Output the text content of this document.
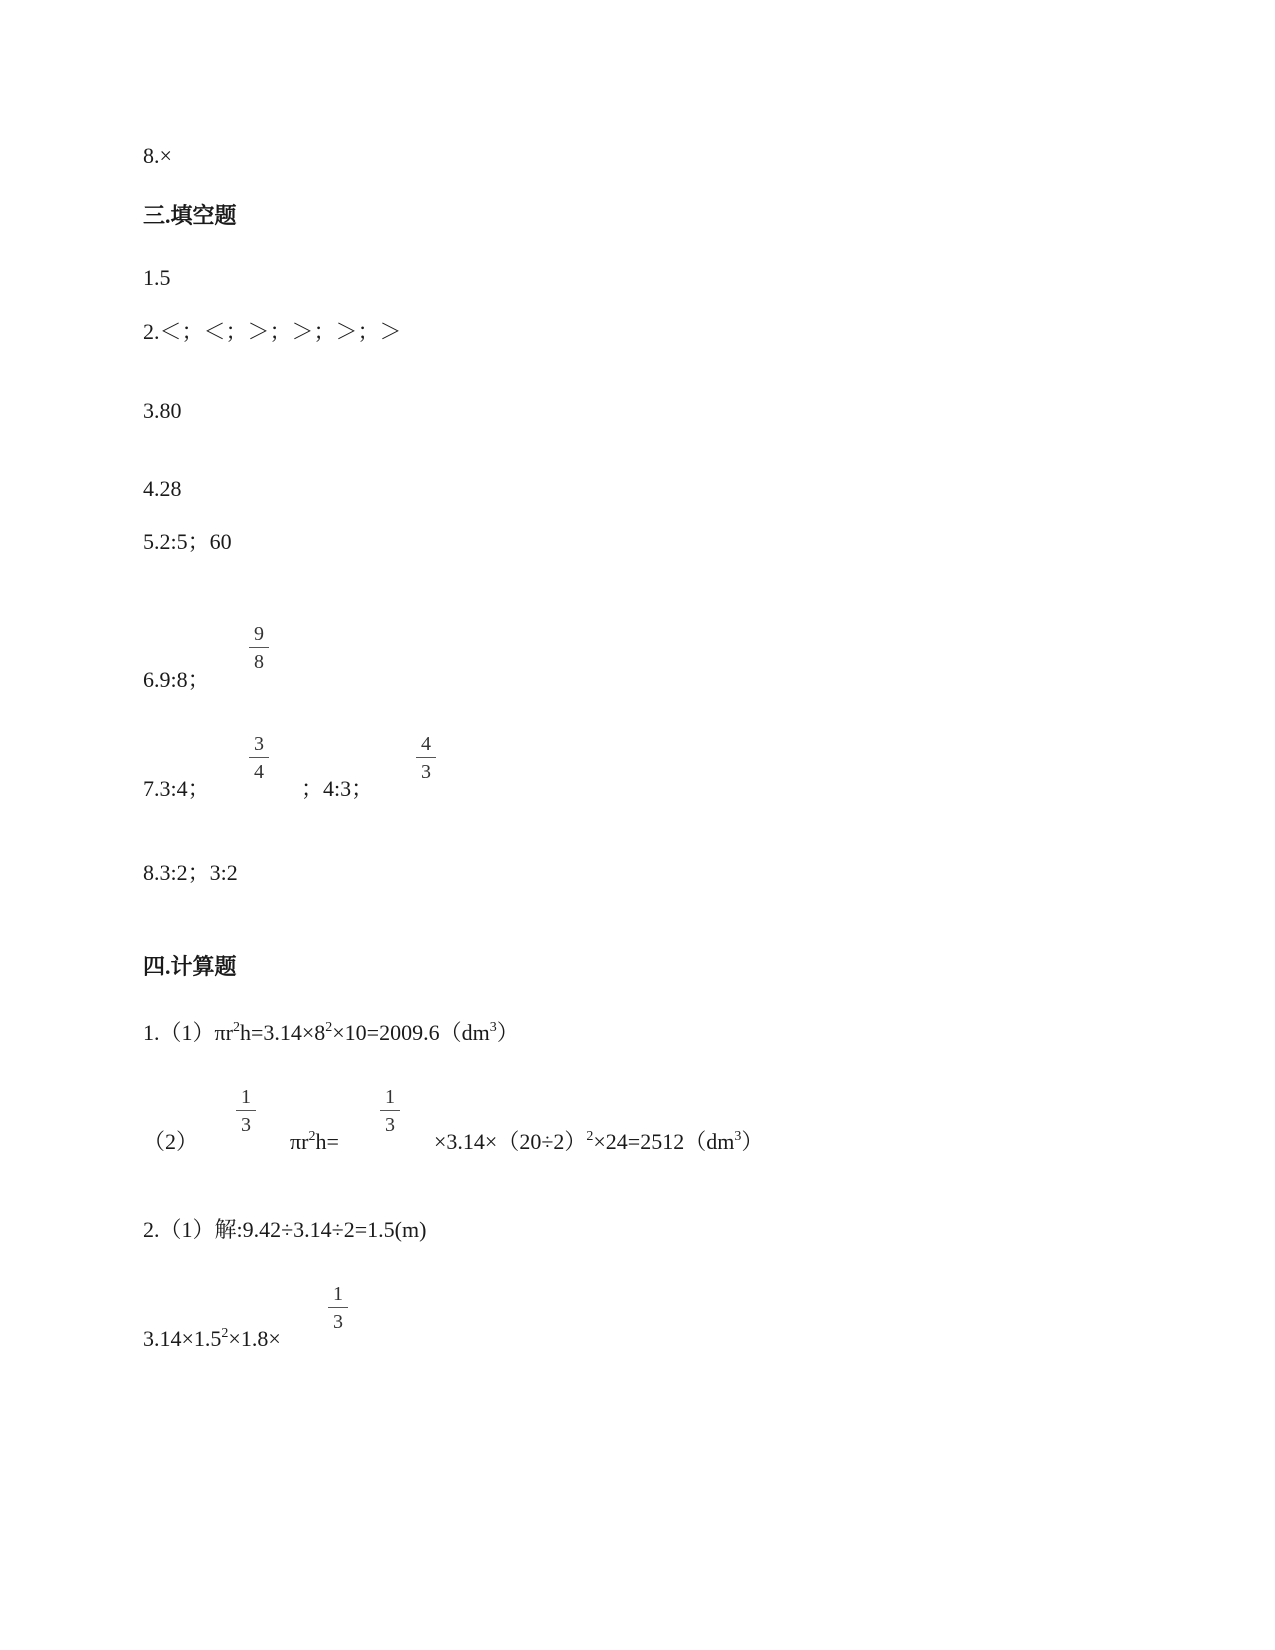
8.×
三.填空题
1.5
2.＜；＜；＞；＞；＞；＞
3.80
4.28
5.2:5；60
6.9:8；
9
8
7.3:4；
3
4
；4:3；
4
3
8.3:2；3:2
四.计算题
$1.(1)\pi r^2h=3.14\times 8^2\times 10=2009.6(dm^3)$
（2）
1
3
$\pi r^2h=$
1
3
$\times 3.14\times(20\div 2)^2\times 24=2512(dm^3)$
2.（1）解:9.42÷3.14÷2=1.5(m)
$3.14\times 1.5^2\times 1.8\times$
1
3
